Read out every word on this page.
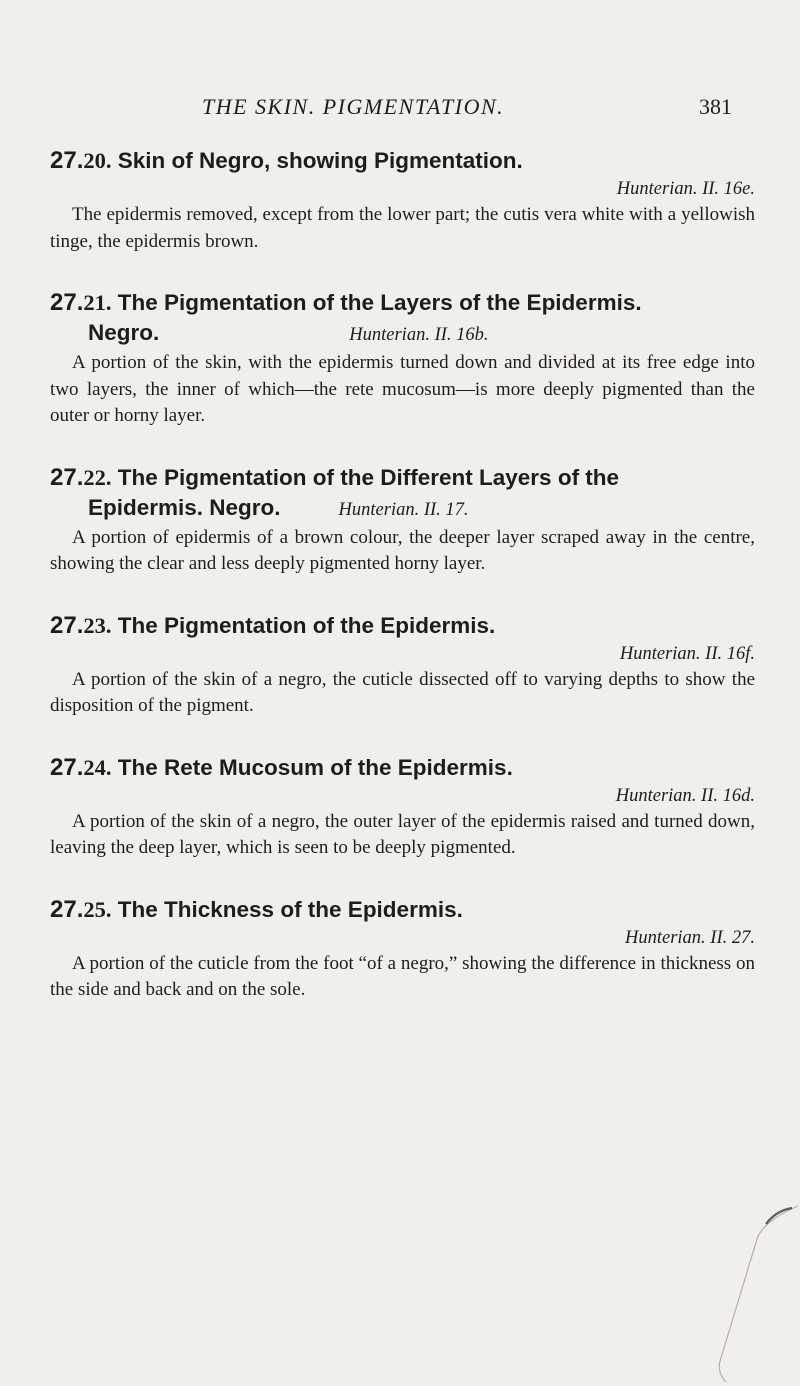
THE SKIN. PIGMENTATION.	381
27.20. Skin of Negro, showing Pigmentation.
Hunterian. II. 16e.

The epidermis removed, except from the lower part; the cutis vera white with a yellowish tinge, the epidermis brown.

27.21. The Pigmentation of the Layers of the Epidermis.
Negro.	Hunterian. II. 16b.

A portion of the skin, with the epidermis turned down and divided at its free edge into two layers, the inner of which—the rete mucosum—is more deeply pigmented than the outer or horny layer.

27.22. The Pigmentation of the Different Layers of the
Epidermis. Negro.	Hunterian. II. 17.

A portion of epidermis of a brown colour, the deeper layer scraped away in the centre, showing the clear and less deeply pigmented horny layer.

27.23. The Pigmentation of the Epidermis.
Hunterian. II. 16f.

A portion of the skin of a negro, the cuticle dissected off to varying depths to show the disposition of the pigment.

27.24. The Rete Mucosum of the Epidermis.
Hunterian. II. 16d.

A portion of the skin of a negro, the outer layer of the epidermis raised and turned down, leaving the deep layer, which is seen to be deeply pigmented.

27.25. The Thickness of the Epidermis.
Hunterian. II. 27.

A portion of the cuticle from the foot “of a negro,” showing the difference in thickness on the side and back and on the sole.
